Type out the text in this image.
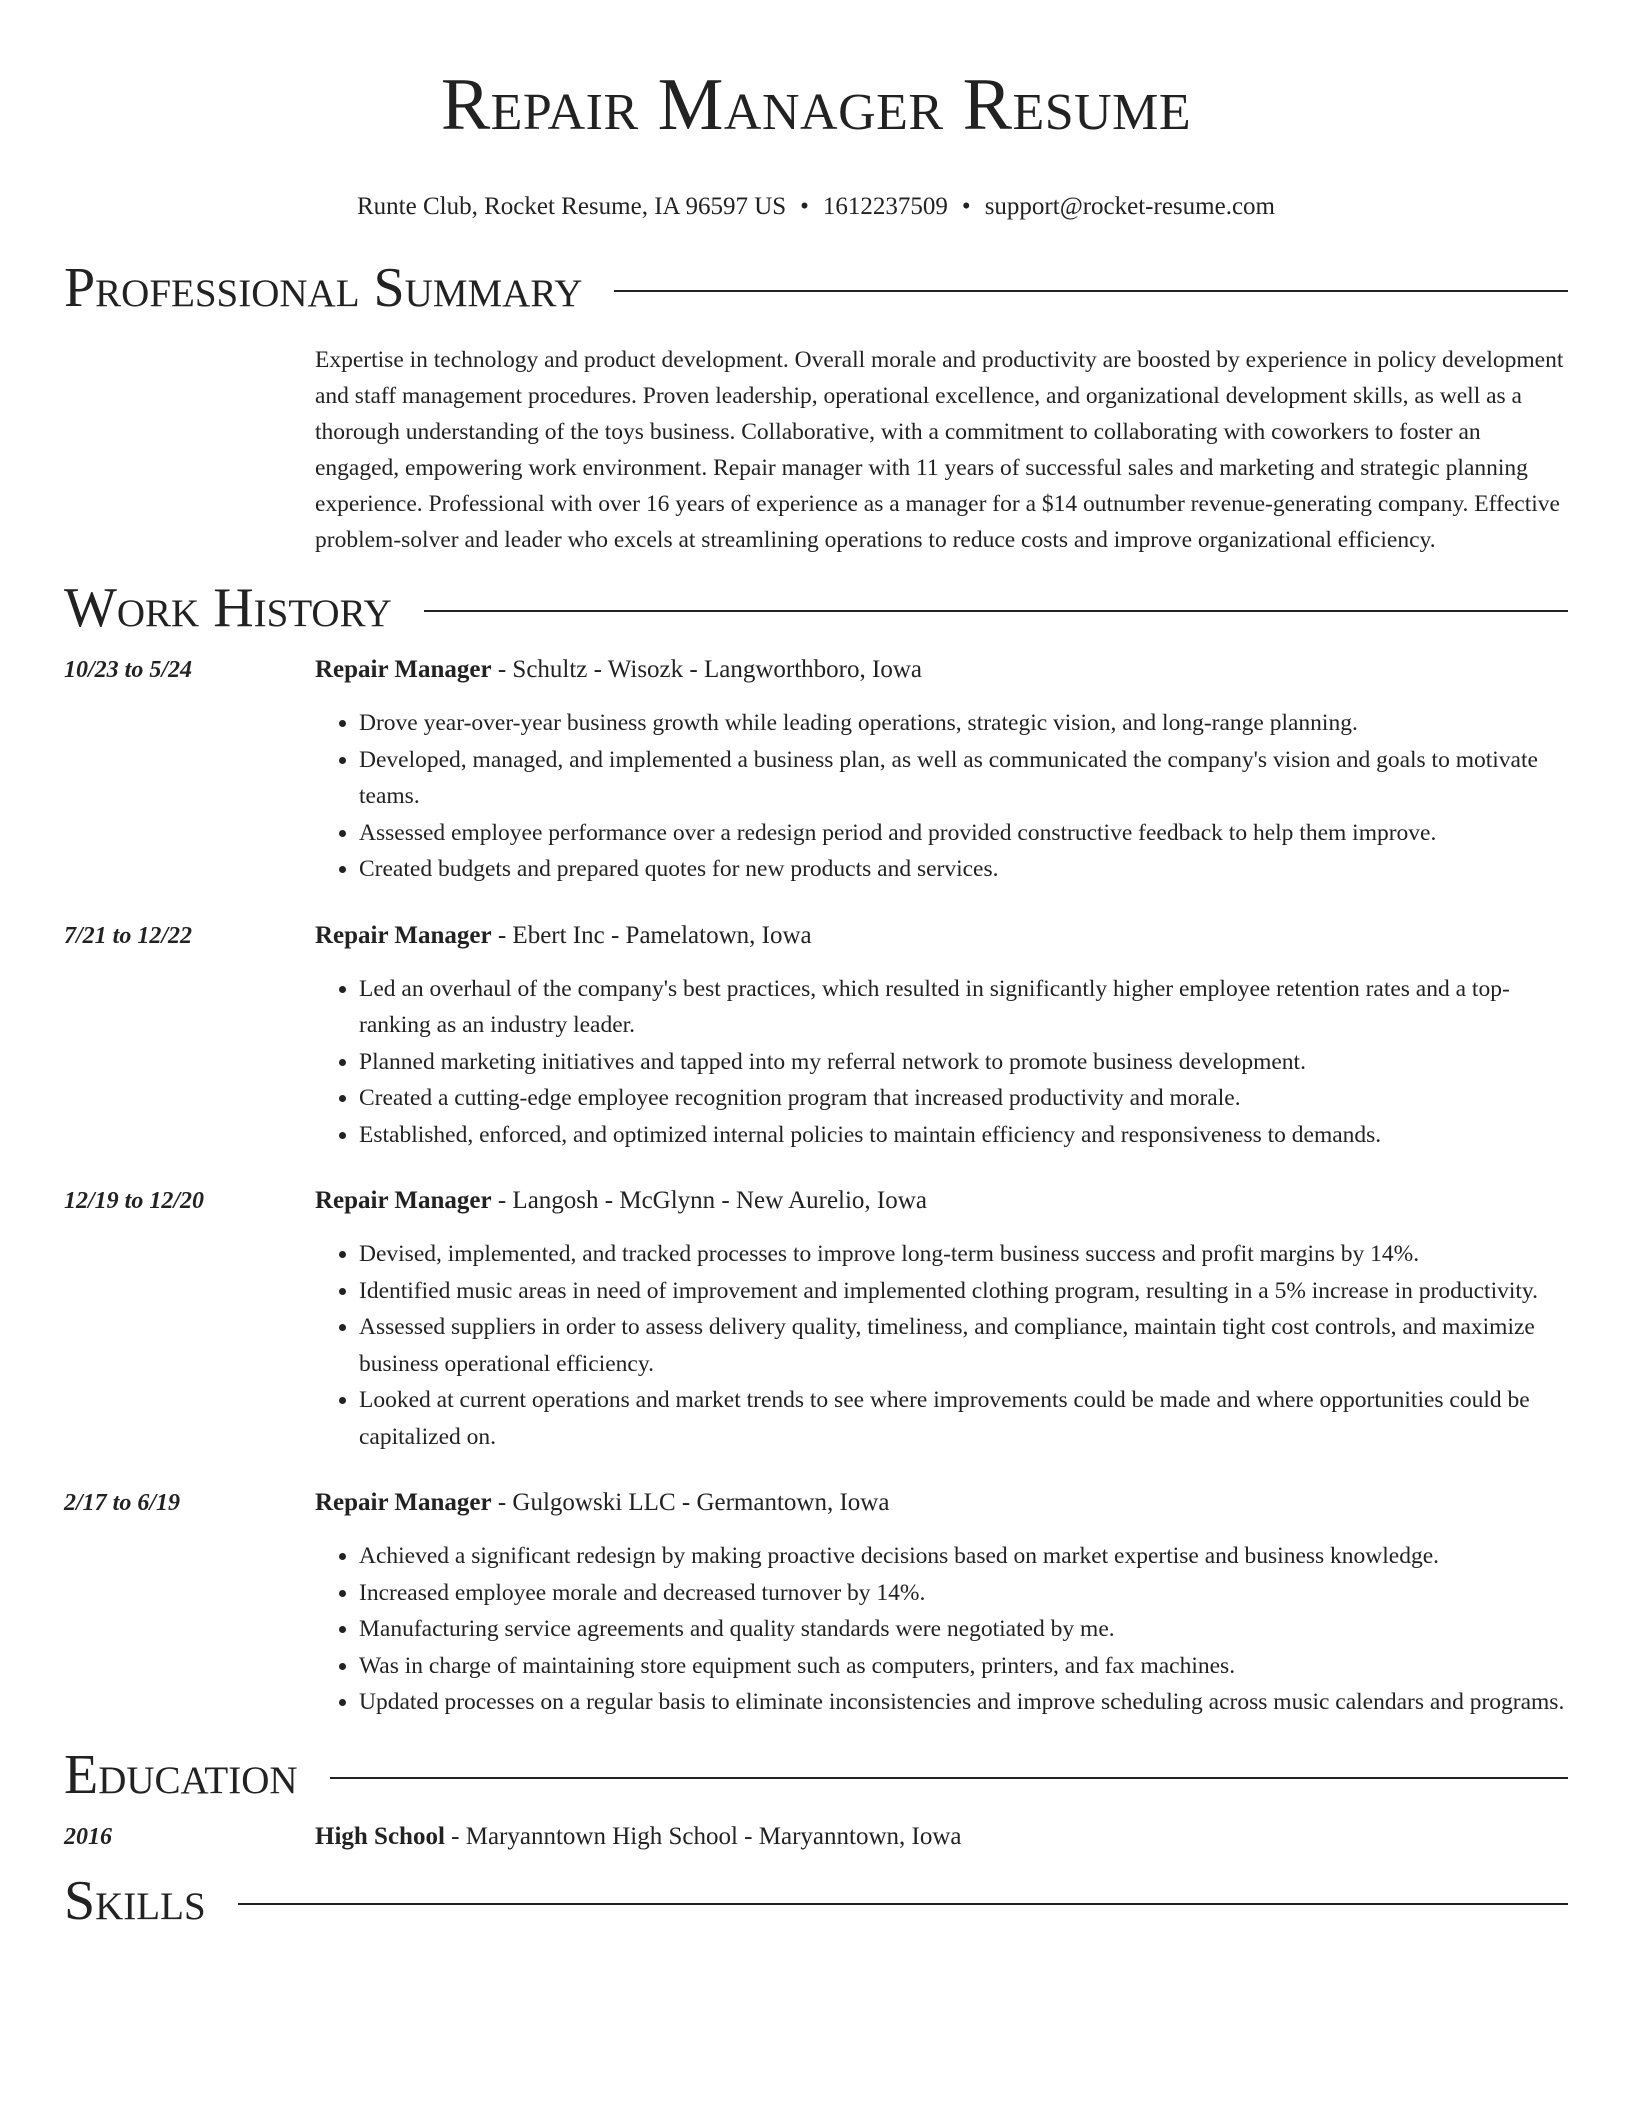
Repair Manager Resume
Runte Club, Rocket Resume, IA 96597 US • 1612237509 • support@rocket-resume.com
Professional Summary
Expertise in technology and product development. Overall morale and productivity are boosted by experience in policy development and staff management procedures. Proven leadership, operational excellence, and organizational development skills, as well as a thorough understanding of the toys business. Collaborative, with a commitment to collaborating with coworkers to foster an engaged, empowering work environment. Repair manager with 11 years of successful sales and marketing and strategic planning experience. Professional with over 16 years of experience as a manager for a $14 outnumber revenue-generating company. Effective problem-solver and leader who excels at streamlining operations to reduce costs and improve organizational efficiency.
Work History
10/23 to 5/24	Repair Manager - Schultz - Wisozk - Langworthboro, Iowa
• Drove year-over-year business growth while leading operations, strategic vision, and long-range planning.
• Developed, managed, and implemented a business plan, as well as communicated the company's vision and goals to motivate teams.
• Assessed employee performance over a redesign period and provided constructive feedback to help them improve.
• Created budgets and prepared quotes for new products and services.
7/21 to 12/22	Repair Manager - Ebert Inc - Pamelatown, Iowa
• Led an overhaul of the company's best practices, which resulted in significantly higher employee retention rates and a top-ranking as an industry leader.
• Planned marketing initiatives and tapped into my referral network to promote business development.
• Created a cutting-edge employee recognition program that increased productivity and morale.
• Established, enforced, and optimized internal policies to maintain efficiency and responsiveness to demands.
12/19 to 12/20	Repair Manager - Langosh - McGlynn - New Aurelio, Iowa
• Devised, implemented, and tracked processes to improve long-term business success and profit margins by 14%.
• Identified music areas in need of improvement and implemented clothing program, resulting in a 5% increase in productivity.
• Assessed suppliers in order to assess delivery quality, timeliness, and compliance, maintain tight cost controls, and maximize business operational efficiency.
• Looked at current operations and market trends to see where improvements could be made and where opportunities could be capitalized on.
2/17 to 6/19	Repair Manager - Gulgowski LLC - Germantown, Iowa
• Achieved a significant redesign by making proactive decisions based on market expertise and business knowledge.
• Increased employee morale and decreased turnover by 14%.
• Manufacturing service agreements and quality standards were negotiated by me.
• Was in charge of maintaining store equipment such as computers, printers, and fax machines.
• Updated processes on a regular basis to eliminate inconsistencies and improve scheduling across music calendars and programs.
Education
2016	High School - Maryanntown High School - Maryanntown, Iowa
Skills
